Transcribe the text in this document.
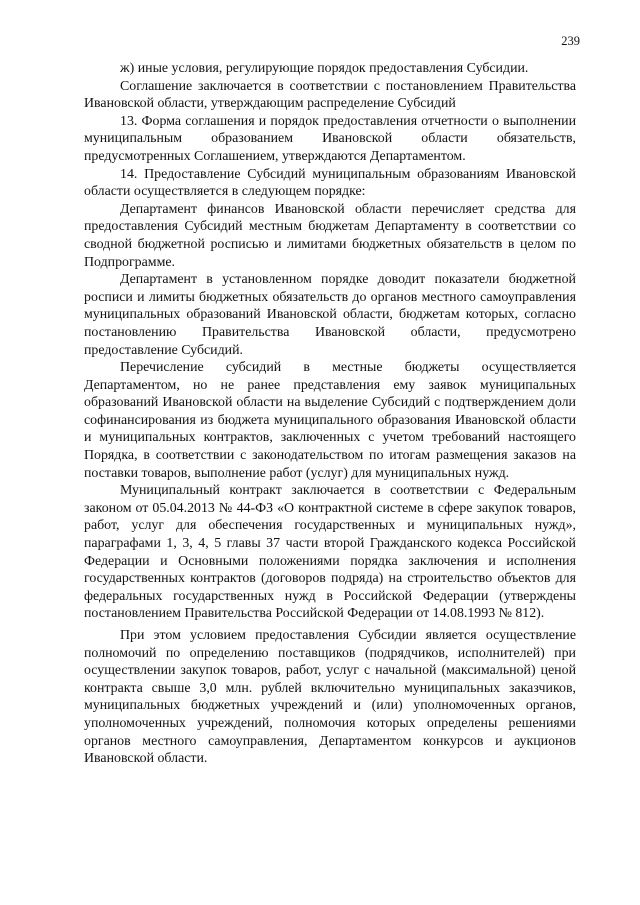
239

ж) иные условия, регулирующие порядок предоставления Субсидии.

Соглашение заключается в соответствии с постановлением Правительства Ивановской области, утверждающим распределение Субсидий

13. Форма соглашения и порядок предоставления отчетности о выполнении муниципальным образованием Ивановской области обязательств, предусмотренных Соглашением, утверждаются Департаментом.

14. Предоставление Субсидий муниципальным образованиям Ивановской области осуществляется в следующем порядке:

Департамент финансов Ивановской области перечисляет средства для предоставления Субсидий местным бюджетам Департаменту в соответствии со сводной бюджетной росписью и лимитами бюджетных обязательств в целом по Подпрограмме.

Департамент в установленном порядке доводит показатели бюджетной росписи и лимиты бюджетных обязательств до органов местного самоуправления муниципальных образований Ивановской области, бюджетам которых, согласно постановлению Правительства Ивановской области, предусмотрено предоставление Субсидий.

Перечисление субсидий в местные бюджеты осуществляется Департаментом, но не ранее представления ему заявок муниципальных образований Ивановской области на выделение Субсидий с подтверждением доли софинансирования из бюджета муниципального образования Ивановской области и муниципальных контрактов, заключенных с учетом требований настоящего Порядка, в соответствии с законодательством по итогам размещения заказов на поставки товаров, выполнение работ (услуг) для муниципальных нужд.

Муниципальный контракт заключается в соответствии с Федеральным законом от 05.04.2013 № 44-ФЗ «О контрактной системе в сфере закупок товаров, работ, услуг для обеспечения государственных и муниципальных нужд», параграфами 1, 3, 4, 5 главы 37 части второй Гражданского кодекса Российской Федерации и Основными положениями порядка заключения и исполнения государственных контрактов (договоров подряда) на строительство объектов для федеральных государственных нужд в Российской Федерации (утверждены постановлением Правительства Российской Федерации от 14.08.1993 № 812).

При этом условием предоставления Субсидии является осуществление полномочий по определению поставщиков (подрядчиков, исполнителей) при осуществлении закупок товаров, работ, услуг с начальной (максимальной) ценой контракта свыше 3,0 млн. рублей включительно муниципальных заказчиков, муниципальных бюджетных учреждений и (или) уполномоченных органов, уполномоченных учреждений, полномочия которых определены решениями органов местного самоуправления, Департаментом конкурсов и аукционов Ивановской области.
